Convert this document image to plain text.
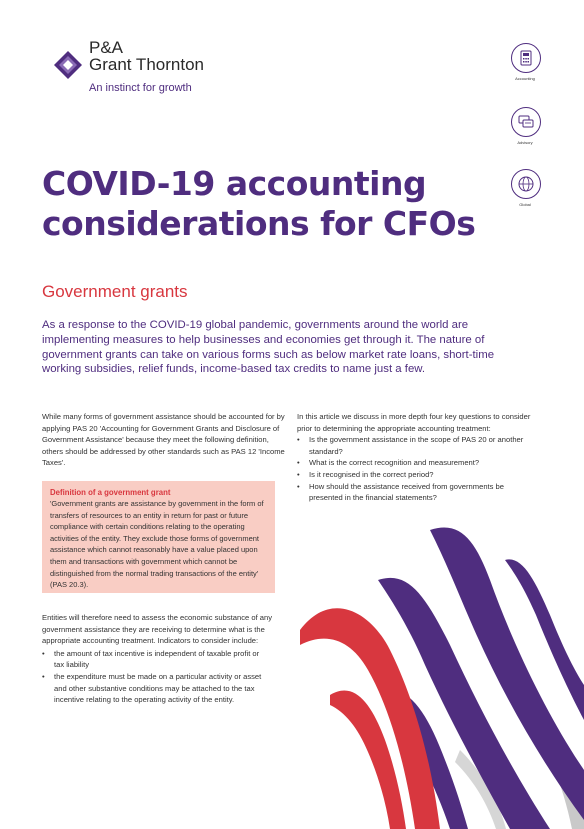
P&A
Grant Thornton
An instinct for growth
Accounting
Advisory
Global
COVID-19 accounting
considerations for CFOs
Government grants
As a response to the COVID-19 global pandemic, governments around the world are implementing measures to help businesses and economies get through it. The nature of government grants can take on various forms such as below market rate loans, short-time working subsidies, relief funds, income-based tax credits to name just a few.

While many forms of government assistance should be accounted for by applying PAS 20 'Accounting for Government Grants and Disclosure of Government Assistance' because they meet the following definition, others should be addressed by other standards such as PAS 12 'Income Taxes'.

Definition of a government grant
'Government grants are assistance by government in the form of transfers of resources to an entity in return for past or future compliance with certain conditions relating to the operating activities of the entity. They exclude those forms of government assistance which cannot reasonably have a value placed upon them and transactions with government which cannot be distinguished from the normal trading transactions of the entity' (PAS 20.3).

Entities will therefore need to assess the economic substance of any government assistance they are receiving to determine what is the appropriate accounting treatment. Indicators to consider include:

• the amount of tax incentive is independent of taxable profit or tax liability
• the expenditure must be made on a particular activity or asset and other substantive conditions may be attached to the tax incentive relating to the operating activity of the entity.

In this article we discuss in more depth four key questions to consider prior to determining the appropriate accounting treatment:

• Is the government assistance in the scope of PAS 20 or another standard?
• What is the correct recognition and measurement?
• Is it recognised in the correct period?
• How should the assistance received from governments be presented in the financial statements?
